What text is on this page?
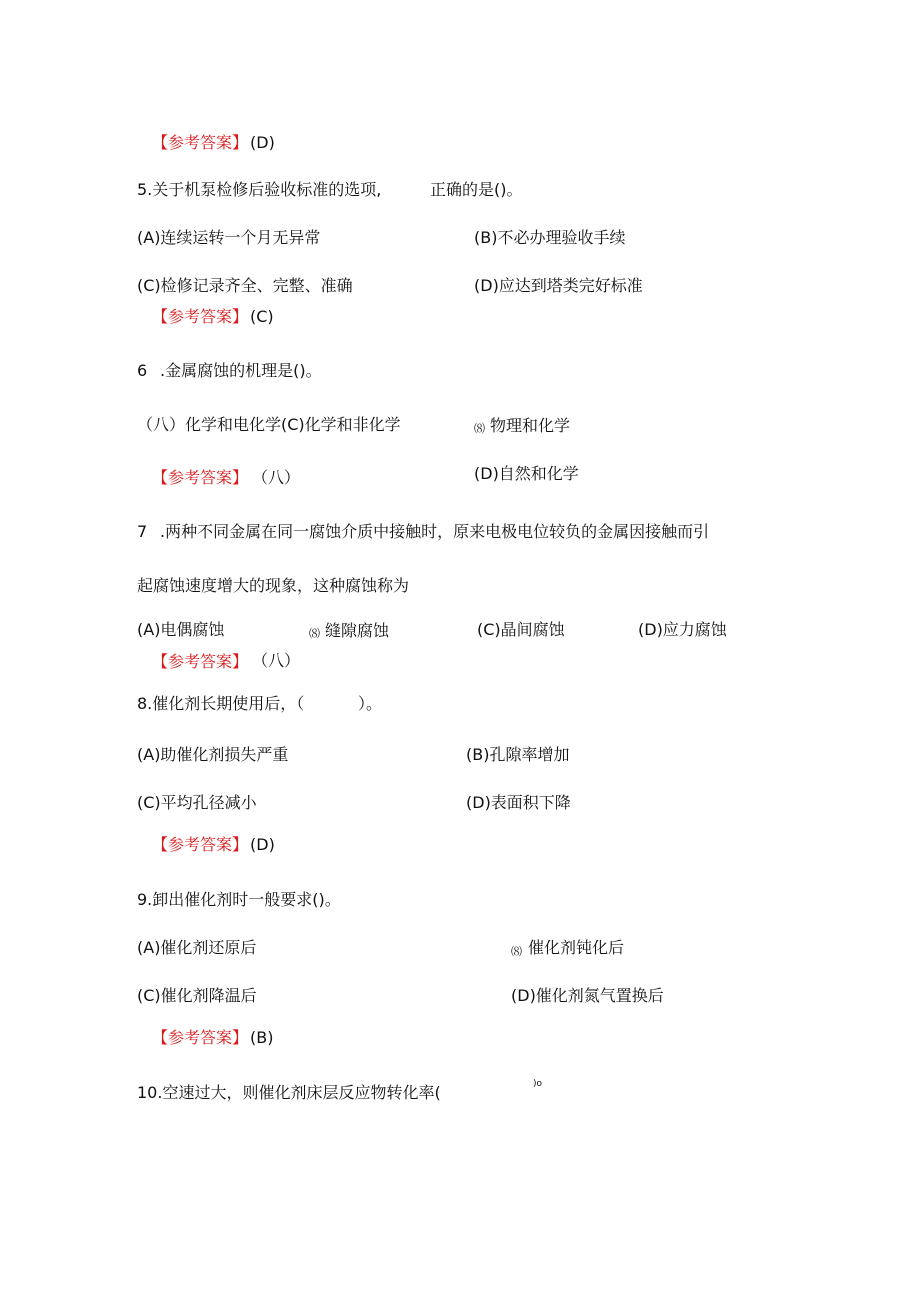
【参考答案】 (D)
5.关于机泵检修后验收标准的选项,	正确的是()。
(A)连续运转一个月无异常	(B)不必办理验收手续
(C)检修记录齐全、完整、准确	(D)应达到塔类完好标准
【参考答案】 (C)
6 .金属腐蚀的机理是()。
（八）化学和电化学(C)化学和非化学	⑻ 物理和化学
【参考答案】 （八）	(D)自然和化学
7 .两种不同金属在同一腐蚀介质中接触时，原来电极电位较负的金属因接触而引
起腐蚀速度增大的现象，这种腐蚀称为
(A)电偶腐蚀	⑻ 缝隙腐蚀	(C)晶间腐蚀	(D)应力腐蚀
【参考答案】 （八）
8.催化剂长期使用后，（	）。
(A)助催化剂损失严重	(B)孔隙率增加
(C)平均孔径减小	(D)表面积下降
【参考答案】 (D)
9.卸出催化剂时一般要求()。
(A)催化剂还原后	⑻ 催化剂钝化后
(C)催化剂降温后	(D)催化剂氮气置换后
【参考答案】 (B)
10.空速过大，则催化剂床层反应物转化率(	)o
